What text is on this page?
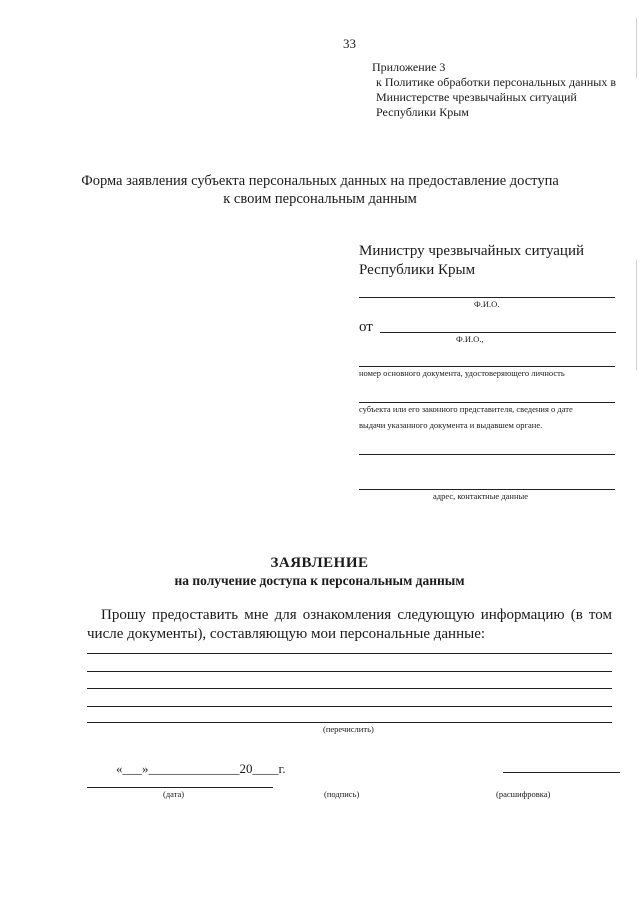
33
Приложение 3
к Политике обработки персональных данных в
Министерстве чрезвычайных ситуаций
Республики Крым
Форма заявления субъекта персональных данных на предоставление доступа
к своим персональным данным
Министру чрезвычайных ситуаций
Республики Крым
Ф.И.О.
от
Ф.И.О.,
номер основного документа, удостоверяющего личность
субъекта или его законного представителя, сведения о дате
выдачи указанного документа и выдавшем органе.
адрес, контактные данные
ЗАЯВЛЕНИЕ
на получение доступа к персональным данным
Прошу предоставить мне для ознакомления следующую информацию (в том числе документы), составляющую мои персональные данные:
(перечислить)
«___»______________20____г.
(дата)	(подпись)	(расшифровка)
